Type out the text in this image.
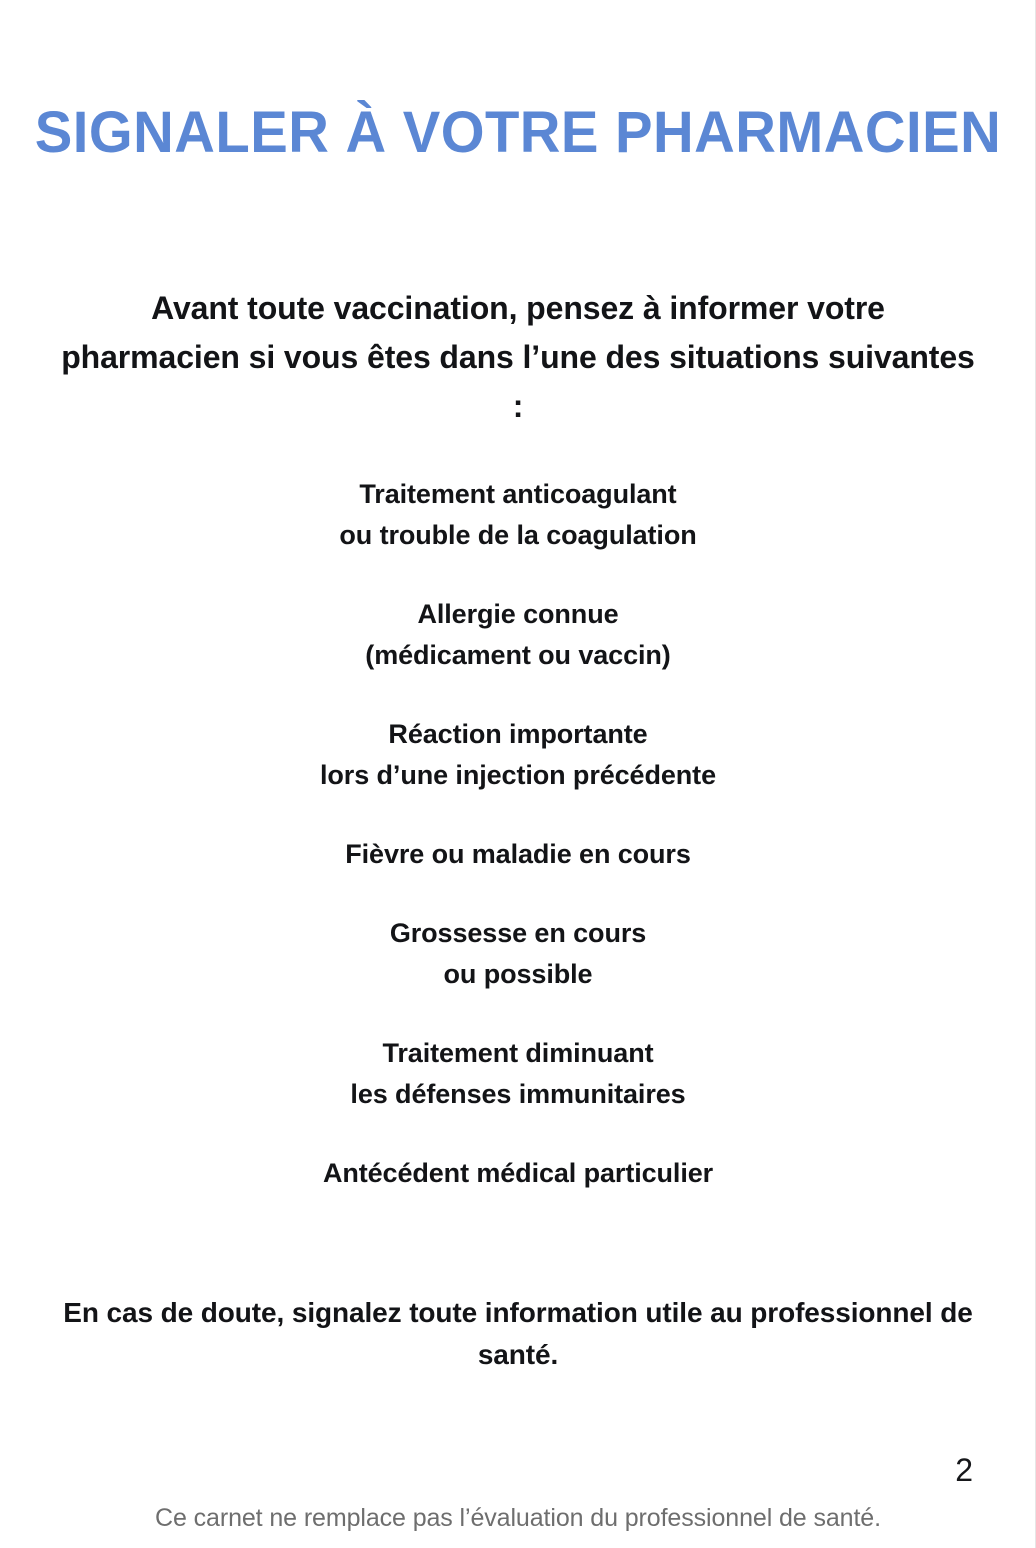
SIGNALER À VOTRE PHARMACIEN

Avant toute vaccination, pensez à informer votre pharmacien si vous êtes dans l’une des situations suivantes :

Traitement anticoagulant
ou trouble de la coagulation

Allergie connue
(médicament ou vaccin)

Réaction importante
lors d’une injection précédente

Fièvre ou maladie en cours

Grossesse en cours
ou possible

Traitement diminuant
les défenses immunitaires

Antécédent médical particulier

En cas de doute, signalez toute information utile au professionnel de santé.

2
Ce carnet ne remplace pas l’évaluation du professionnel de santé.
